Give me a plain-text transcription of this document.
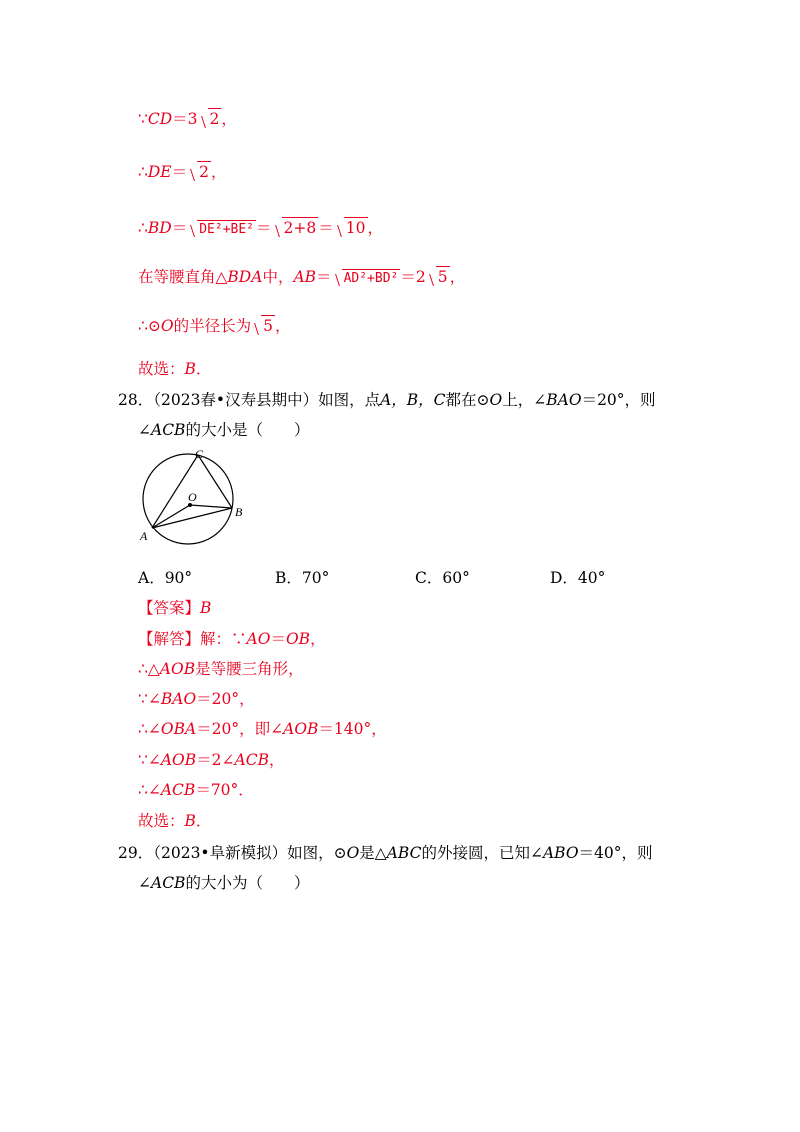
∵CD＝3 2 ，
∴DE＝ 2 ，
∴BD＝ DE²+BE² ＝ 2+8 ＝ 10 ，
在等腰直角△BDA中，AB＝ AD²+BD² ＝2 5 ，
∴⊙O的半径长为 5 ，
故选：B．
28．（2023春•汉寿县期中）如图，点A，B，C都在⊙O上，∠BAO＝20°，则
∠ACB的大小是（　　）
C
O
B
A
A．90°	B．70°	C．60°	D．40°
【答案】B
【解答】解：∵AO＝OB，
∴△AOB是等腰三角形，
∵∠BAO＝20°，
∴∠OBA＝20°，即∠AOB＝140°，
∵∠AOB＝2∠ACB，
∴∠ACB＝70°．
故选：B．
29．（2023•阜新模拟）如图，⊙O是△ABC的外接圆，已知∠ABO＝40°，则
∠ACB的大小为（　　）
